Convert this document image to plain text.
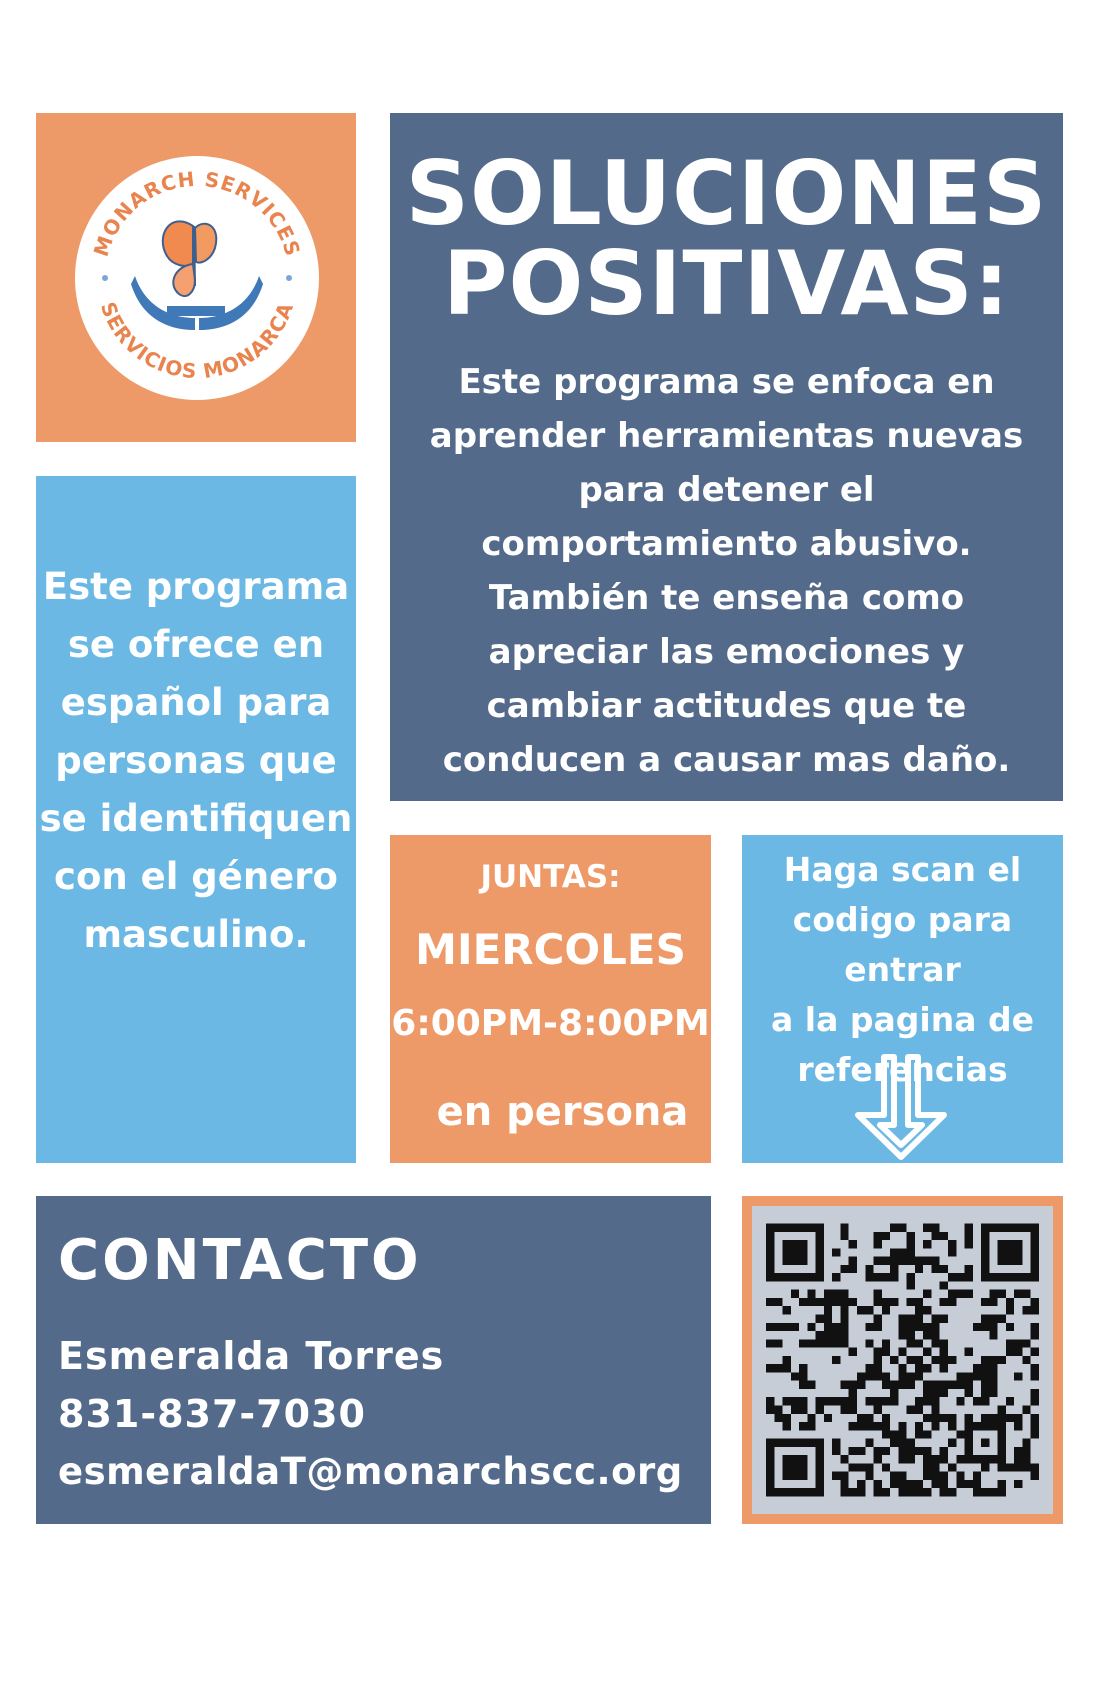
MONARCH SERVICES
SERVICIOS MONARCA
SOLUCIONES
POSITIVAS:

Este programa se enfoca en aprender herramientas nuevas para detener el comportamiento abusivo. También te enseña como apreciar las emociones y cambiar actitudes que te conducen a causar mas daño.

Este programa se ofrece en español para personas que se identifiquen con el género masculino.

JUNTAS:
MIERCOLES
6:00PM-8:00PM
en persona

Haga scan el
codigo para entrar
a la pagina de
referencias

CONTACTO
Esmeralda Torres
831-837-7030
esmeraldaT@monarchscc.org
